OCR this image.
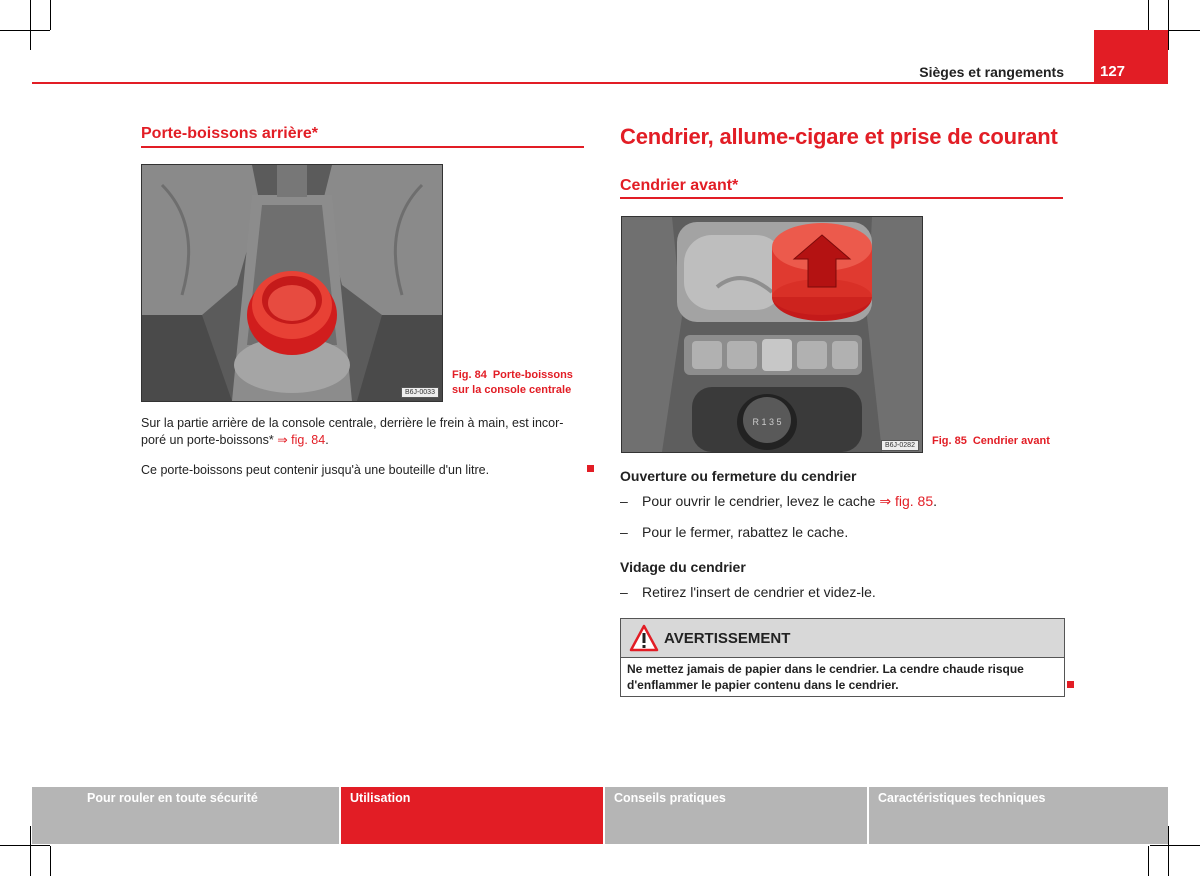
127
Sièges et rangements
Porte-boissons arrière*
B6J-0033
Fig. 84 Porte-boissons
sur la console centrale
Sur la partie arrière de la console centrale, derrière le frein à main, est incor-
poré un porte-boissons* ⇒ fig. 84.
Ce porte-boissons peut contenir jusqu'à une bouteille d'un litre.
Cendrier, allume-cigare et prise de courant
Cendrier avant*
R 1 3 5
B6J-0282	Fig. 85 Cendrier avant
Ouverture ou fermeture du cendrier
– Pour ouvrir le cendrier, levez le cache ⇒ fig. 85.
– Pour le fermer, rabattez le cache.
Vidage du cendrier
– Retirez l'insert de cendrier et videz-le.
AVERTISSEMENT
Ne mettez jamais de papier dans le cendrier. La cendre chaude risque
d'enflammer le papier contenu dans le cendrier.
Pour rouler en toute sécurité	Utilisation	Conseils pratiques	Caractéristiques techniques
